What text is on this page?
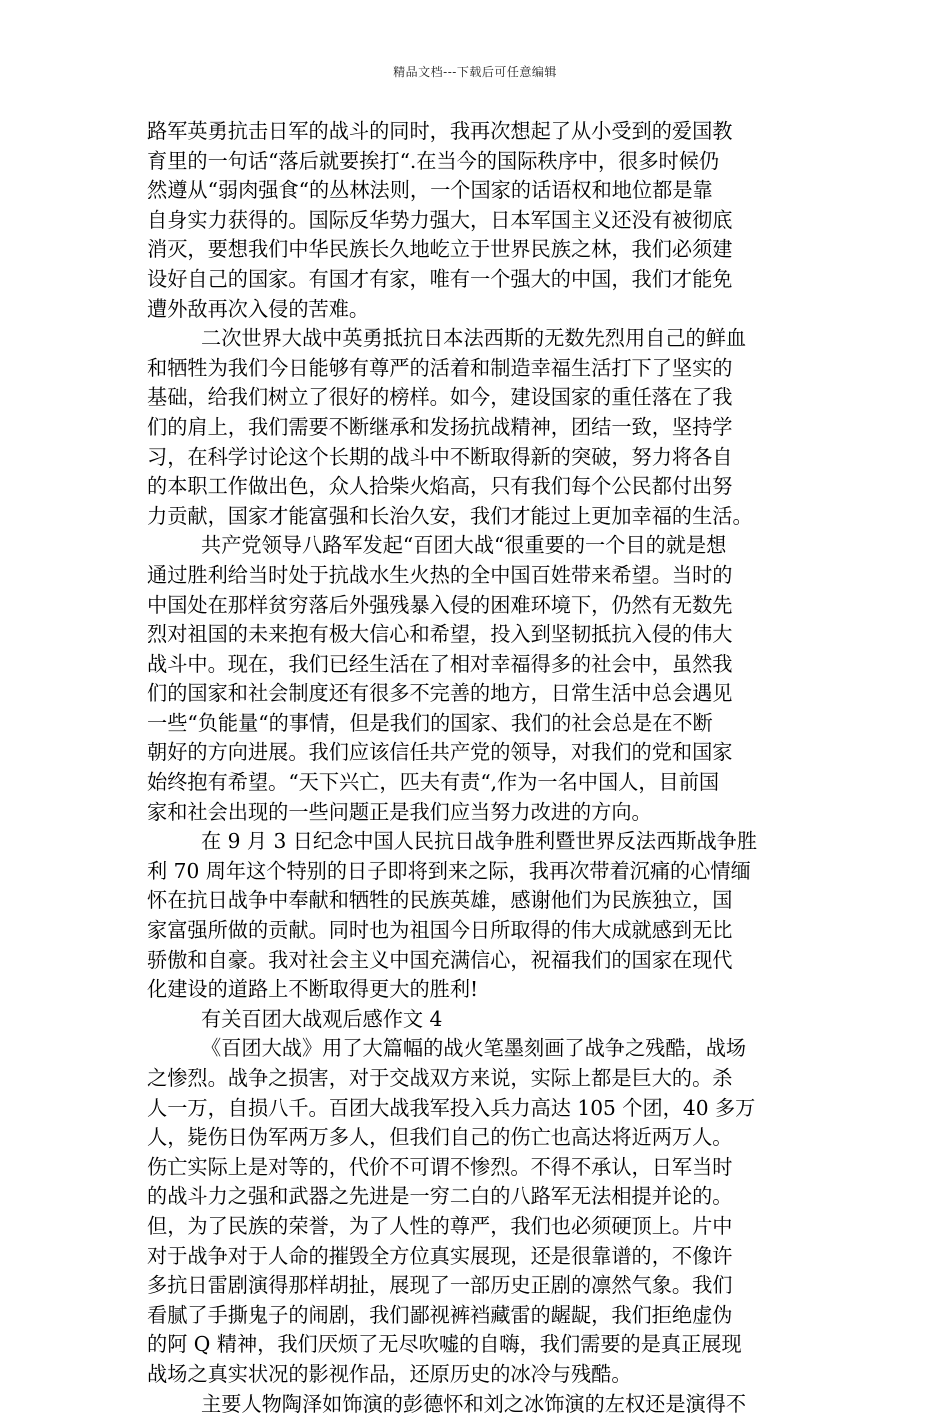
精品文档---下载后可任意编辑
路军英勇抗击日军的战斗的同时，我再次想起了从小受到的爱国教
育里的一句话“落后就要挨打“.在当今的国际秩序中，很多时候仍
然遵从“弱肉强食“的丛林法则，一个国家的话语权和地位都是靠
自身实力获得的。国际反华势力强大，日本军国主义还没有被彻底
消灭，要想我们中华民族长久地屹立于世界民族之林，我们必须建
设好自己的国家。有国才有家，唯有一个强大的中国，我们才能免
遭外敌再次入侵的苦难。
二次世界大战中英勇抵抗日本法西斯的无数先烈用自己的鲜血
和牺牲为我们今日能够有尊严的活着和制造幸福生活打下了坚实的
基础，给我们树立了很好的榜样。如今，建设国家的重任落在了我
们的肩上，我们需要不断继承和发扬抗战精神，团结一致，坚持学
习，在科学讨论这个长期的战斗中不断取得新的突破，努力将各自
的本职工作做出色，众人拾柴火焰高，只有我们每个公民都付出努
力贡献，国家才能富强和长治久安，我们才能过上更加幸福的生活。
共产党领导八路军发起“百团大战“很重要的一个目的就是想
通过胜利给当时处于抗战水生火热的全中国百姓带来希望。当时的
中国处在那样贫穷落后外强残暴入侵的困难环境下，仍然有无数先
烈对祖国的未来抱有极大信心和希望，投入到坚韧抵抗入侵的伟大
战斗中。现在，我们已经生活在了相对幸福得多的社会中，虽然我
们的国家和社会制度还有很多不完善的地方，日常生活中总会遇见
一些“负能量“的事情，但是我们的国家、我们的社会总是在不断
朝好的方向进展。我们应该信任共产党的领导，对我们的党和国家
始终抱有希望。“天下兴亡，匹夫有责“,作为一名中国人，目前国
家和社会出现的一些问题正是我们应当努力改进的方向。
在 9 月 3 日纪念中国人民抗日战争胜利暨世界反法西斯战争胜
利 70 周年这个特别的日子即将到来之际，我再次带着沉痛的心情缅
怀在抗日战争中奉献和牺牲的民族英雄，感谢他们为民族独立，国
家富强所做的贡献。同时也为祖国今日所取得的伟大成就感到无比
骄傲和自豪。我对社会主义中国充满信心，祝福我们的国家在现代
化建设的道路上不断取得更大的胜利!
有关百团大战观后感作文 4
《百团大战》用了大篇幅的战火笔墨刻画了战争之残酷，战场
之惨烈。战争之损害，对于交战双方来说，实际上都是巨大的。杀
人一万，自损八千。百团大战我军投入兵力高达 105 个团，40 多万
人，毙伤日伪军两万多人，但我们自己的伤亡也高达将近两万人。
伤亡实际上是对等的，代价不可谓不惨烈。不得不承认，日军当时
的战斗力之强和武器之先进是一穷二白的八路军无法相提并论的。
但，为了民族的荣誉，为了人性的尊严，我们也必须硬顶上。片中
对于战争对于人命的摧毁全方位真实展现，还是很靠谱的，不像许
多抗日雷剧演得那样胡扯，展现了一部历史正剧的凛然气象。我们
看腻了手撕鬼子的闹剧，我们鄙视裤裆藏雷的龌龊，我们拒绝虚伪
的阿 Q 精神，我们厌烦了无尽吹嘘的自嗨，我们需要的是真正展现
战场之真实状况的影视作品，还原历史的冰冷与残酷。
主要人物陶泽如饰演的彭德怀和刘之冰饰演的左权还是演得不
